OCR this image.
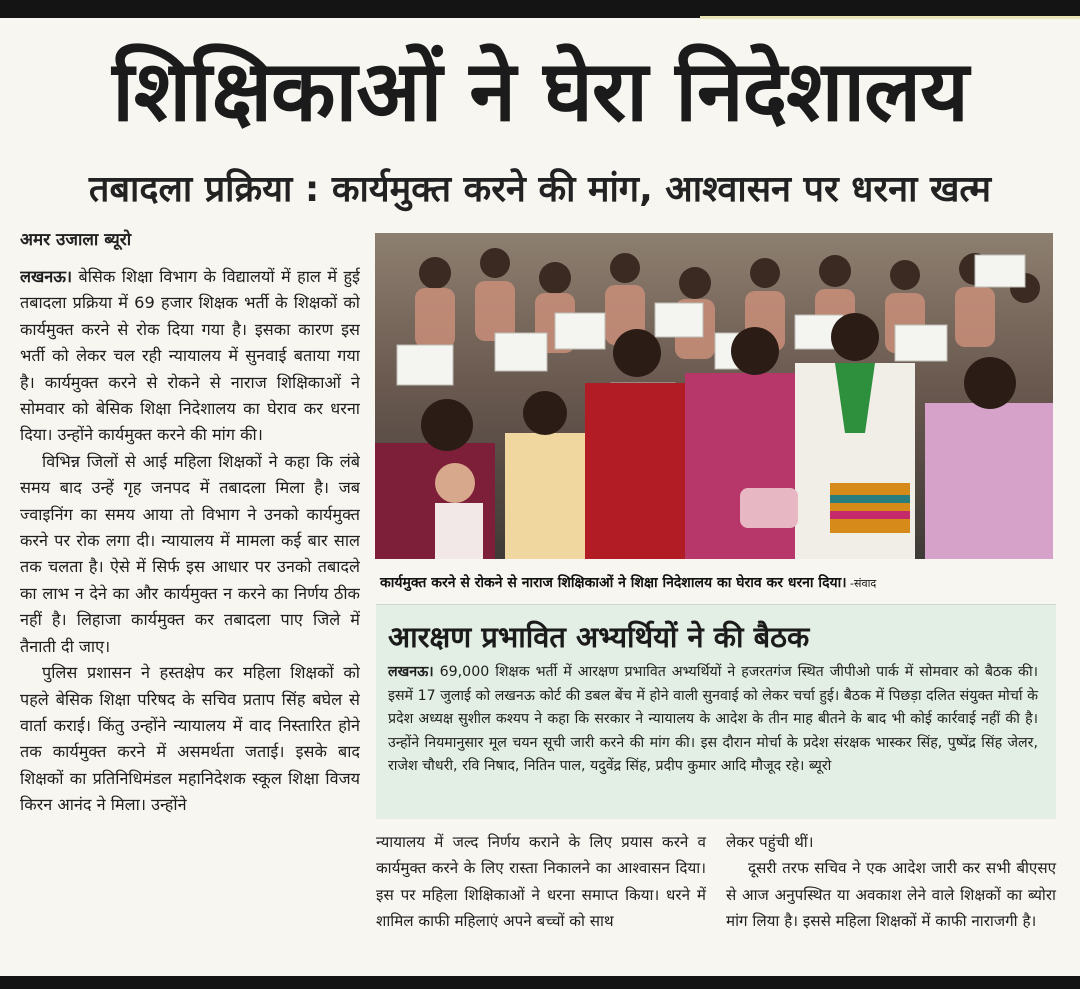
शिक्षिकाओं ने घेरा निदेशालय
तबादला प्रक्रिया : कार्यमुक्त करने की मांग, आश्वासन पर धरना खत्म
अमर उजाला ब्यूरो

लखनऊ। बेसिक शिक्षा विभाग के विद्यालयों में हाल में हुई तबादला प्रक्रिया में 69 हजार शिक्षक भर्ती के शिक्षकों को कार्यमुक्त करने से रोक दिया गया है। इसका कारण इस भर्ती को लेकर चल रही न्यायालय में सुनवाई बताया गया है। कार्यमुक्त करने से रोकने से नाराज शिक्षिकाओं ने सोमवार को बेसिक शिक्षा निदेशालय का घेराव कर धरना दिया। उन्होंने कार्यमुक्त करने की मांग की।

विभिन्न जिलों से आई महिला शिक्षकों ने कहा कि लंबे समय बाद उन्हें गृह जनपद में तबादला मिला है। जब ज्वाइनिंग का समय आया तो विभाग ने उनको कार्यमुक्त करने पर रोक लगा दी। न्यायालय में मामला कई बार साल तक चलता है। ऐसे में सिर्फ इस आधार पर उनको तबादले का लाभ न देने का और कार्यमुक्त न करने का निर्णय ठीक नहीं है। लिहाजा कार्यमुक्त कर तबादला पाए जिले में तैनाती दी जाए।

पुलिस प्रशासन ने हस्तक्षेप कर महिला शिक्षकों को पहले बेसिक शिक्षा परिषद के सचिव प्रताप सिंह बघेल से वार्ता कराई। किंतु उन्होंने न्यायालय में वाद निस्तारित होने तक कार्यमुक्त करने में असमर्थता जताई। इसके बाद शिक्षकों का प्रतिनिधिमंडल महानिदेशक स्कूल शिक्षा विजय किरन आनंद ने मिला। उन्होंने

कार्यमुक्त करने से रोकने से नाराज शिक्षिकाओं ने शिक्षा निदेशालय का घेराव कर धरना दिया। -संवाद
आरक्षण प्रभावित अभ्यर्थियों ने की बैठक
लखनऊ। 69,000 शिक्षक भर्ती में आरक्षण प्रभावित अभ्यर्थियों ने हजरतगंज स्थित जीपीओ पार्क में सोमवार को बैठक की। इसमें 17 जुलाई को लखनऊ कोर्ट की डबल बेंच में होने वाली सुनवाई को लेकर चर्चा हुई। बैठक में पिछड़ा दलित संयुक्त मोर्चा के प्रदेश अध्यक्ष सुशील कश्यप ने कहा कि सरकार ने न्यायालय के आदेश के तीन माह बीतने के बाद भी कोई कार्रवाई नहीं की है। उन्होंने नियमानुसार मूल चयन सूची जारी करने की मांग की। इस दौरान मोर्चा के प्रदेश संरक्षक भास्कर सिंह, पुष्पेंद्र सिंह जेलर, राजेश चौधरी, रवि निषाद, नितिन पाल, यदुवेंद्र सिंह, प्रदीप कुमार आदि मौजूद रहे। ब्यूरो
न्यायालय में जल्द निर्णय कराने के लिए प्रयास करने व कार्यमुक्त करने के लिए रास्ता निकालने का आश्वासन दिया। इस पर महिला शिक्षिकाओं ने धरना समाप्त किया। धरने में शामिल काफी महिलाएं अपने बच्चों को साथ

लेकर पहुंची थीं।

दूसरी तरफ सचिव ने एक आदेश जारी कर सभी बीएसए से आज अनुपस्थित या अवकाश लेने वाले शिक्षकों का ब्योरा मांग लिया है। इससे महिला शिक्षकों में काफी नाराजगी है।
